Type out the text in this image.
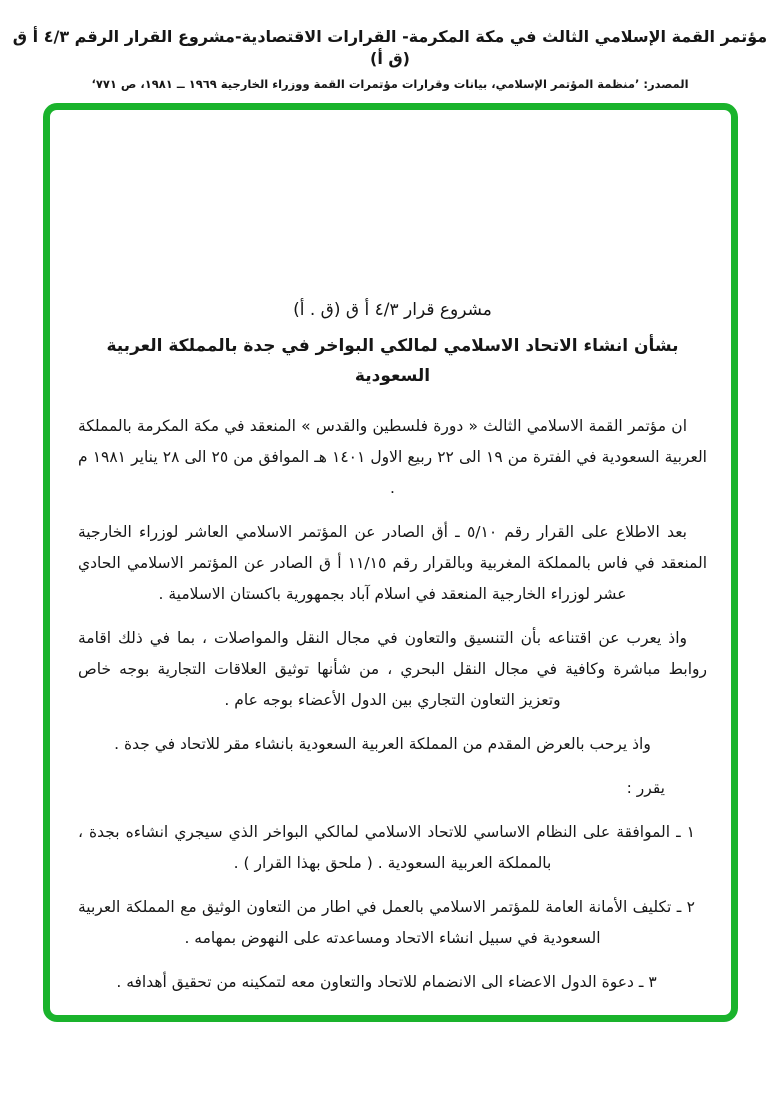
مؤتمر القمة الإسلامي الثالث في مكة المكرمة- القرارات الاقتصادية-مشروع القرار الرقم ٤/٣ أ ق (ق أ)
المصدر: ’منظمة المؤتمر الإسلامي، بيانات وقرارات مؤتمرات القمة ووزراء الخارجية ١٩٦٩ ــ ١٩٨١، ص ٧٧١‘
مشروع قرار ٤/٣ أ ق (ق . أ)
بشأن انشاء الاتحاد الاسلامي لمالكي البواخر في جدة بالمملكة العربية السعودية

ان مؤتمر القمة الاسلامي الثالث « دورة فلسطين والقدس » المنعقد في مكة المكرمة بالمملكة العربية السعودية في الفترة من ١٩ الى ٢٢ ربيع الاول ١٤٠١ هـ الموافق من ٢٥ الى ٢٨ يناير ١٩٨١ م .

بعد الاطلاع على القرار رقم ٥/١٠ ـ أق الصادر عن المؤتمر الاسلامي العاشر لوزراء الخارجية المنعقد في فاس بالمملكة المغربية وبالقرار رقم ١١/١٥ أ ق الصادر عن المؤتمر الاسلامي الحادي عشر لوزراء الخارجية المنعقد في اسلام آباد بجمهورية باكستان الاسلامية .

واذ يعرب عن اقتناعه بأن التنسيق والتعاون في مجال النقل والمواصلات ، بما في ذلك اقامة روابط مباشرة وكافية في مجال النقل البحري ، من شأنها توثيق العلاقات التجارية بوجه خاص وتعزيز التعاون التجاري بين الدول الأعضاء بوجه عام .

واذ يرحب بالعرض المقدم من المملكة العربية السعودية بانشاء مقر للاتحاد في جدة .

يقرر :

١ ـ الموافقة على النظام الاساسي للاتحاد الاسلامي لمالكي البواخر الذي سيجري انشاءه بجدة ، بالمملكة العربية السعودية . ( ملحق بهذا القرار ) .

٢ ـ تكليف الأمانة العامة للمؤتمر الاسلامي بالعمل في اطار من التعاون الوثيق مع المملكة العربية السعودية في سبيل انشاء الاتحاد ومساعدته على النهوض بمهامه .

٣ ـ دعوة الدول الاعضاء الى الانضمام للاتحاد والتعاون معه لتمكينه من تحقيق أهدافه .
